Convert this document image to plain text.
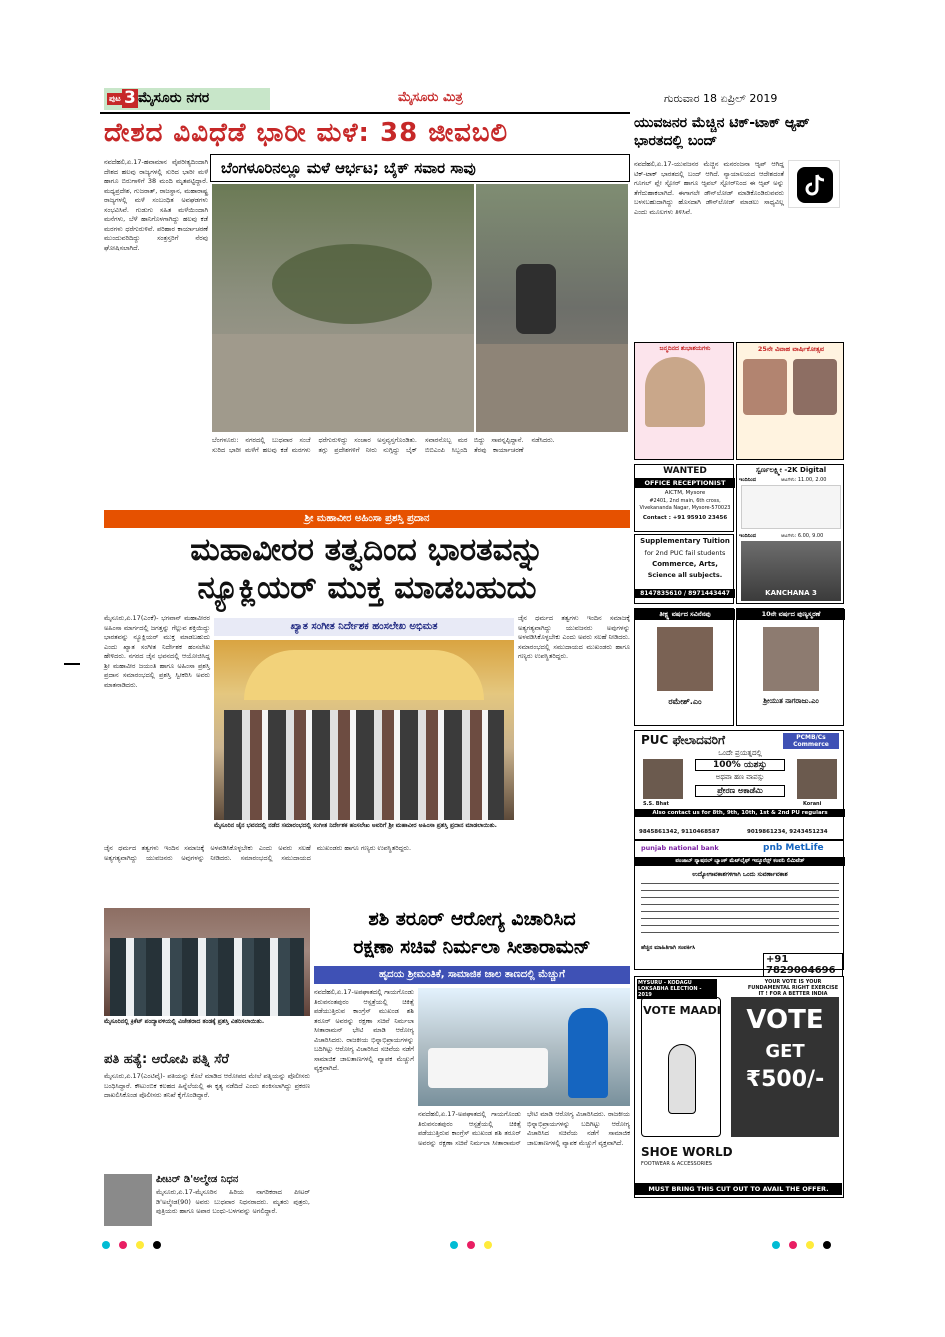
ಪುಟ 3 ಮೈಸೂರು ನಗರ	ಮೈಸೂರು ಮಿತ್ರ	ಗುರುವಾರ 18 ಏಪ್ರಿಲ್ 2019
ದೇಶದ ವಿವಿಧೆಡೆ ಭಾರೀ ಮಳೆ: 38 ಜೀವಬಲಿ
ನವದೆಹಲಿ,ಏ.17-ಹವಾಮಾನ ವೈಪರೀತ್ಯದಿಂದಾಗಿ ದೇಶದ ಹಲವು ರಾಜ್ಯಗಳಲ್ಲಿ ಸುರಿದ ಭಾರೀ ಮಳೆ ಹಾಗೂ ಬಿರುಗಾಳಿಗೆ 38 ಮಂದಿ ಮೃತಪಟ್ಟಿದ್ದಾರೆ. ಮಧ್ಯಪ್ರದೇಶ, ಗುಜರಾತ್, ರಾಜಸ್ಥಾನ, ಮಹಾರಾಷ್ಟ್ರ ರಾಜ್ಯಗಳಲ್ಲಿ ಮಳೆ ಸಂಬಂಧಿತ ಅವಘಡಗಳು ಸಂಭವಿಸಿವೆ. ಗುಡುಗು ಸಹಿತ ಮಳೆಯಿಂದಾಗಿ ಮನೆಗಳು, ಬೆಳೆ ಹಾನಿಗೊಳಗಾಗಿದ್ದು ಹಲವು ಕಡೆ ಮರಗಳು ಧರೆಗುರುಳಿವೆ. ಪರಿಹಾರ ಕಾರ್ಯಾಚರಣೆ ಮುಂದುವರಿದಿದ್ದು ಸಂತ್ರಸ್ತರಿಗೆ ನೆರವು ಘೋಷಿಸಲಾಗಿದೆ.
ಬೆಂಗಳೂರಿನಲ್ಲೂ ಮಳೆ ಆರ್ಭಟ; ಬೈಕ್ ಸವಾರ ಸಾವು
ಬೆಂಗಳೂರು: ನಗರದಲ್ಲಿ ಬುಧವಾರ ಸಂಜೆ ಸುರಿದ ಭಾರೀ ಮಳೆಗೆ ಹಲವು ಕಡೆ ಮರಗಳು ಧರೆಗುರುಳಿದ್ದು ಸಂಚಾರ ಅಸ್ತವ್ಯಸ್ತಗೊಂಡಿತು. ತಗ್ಗು ಪ್ರದೇಶಗಳಿಗೆ ನೀರು ನುಗ್ಗಿದ್ದು ಬೈಕ್ ಸವಾರನೊಬ್ಬ ಮರ ಬಿದ್ದು ಸಾವನ್ನಪ್ಪಿದ್ದಾನೆ. ಬಿಬಿಎಂಪಿ ಸಿಬ್ಬಂದಿ ತೆರವು ಕಾರ್ಯಾಚರಣೆ ನಡೆಸಿದರು.
ಯುವಜನರ ಮೆಚ್ಚಿನ ಟಿಕ್-ಟಾಕ್ ಆ್ಯಪ್ ಭಾರತದಲ್ಲಿ ಬಂದ್
ನವದೆಹಲಿ,ಏ.17-ಯುವಜನರ ಮೆಚ್ಚಿನ ಮನರಂಜನಾ ಆ್ಯಪ್ ಆಗಿದ್ದ ಟಿಕ್-ಟಾಕ್ ಭಾರತದಲ್ಲಿ ಬಂದ್ ಆಗಿದೆ. ನ್ಯಾಯಾಲಯದ ಆದೇಶದಂತೆ ಗೂಗಲ್ ಪ್ಲೇ ಸ್ಟೋರ್ ಹಾಗೂ ಆ್ಯಪಲ್ ಸ್ಟೋರ್‌ನಿಂದ ಈ ಆ್ಯಪ್ ಅನ್ನು ತೆಗೆದುಹಾಕಲಾಗಿದೆ. ಈಗಾಗಲೇ ಡೌನ್‌ಲೋಡ್ ಮಾಡಿಕೊಂಡಿರುವವರು ಬಳಸಬಹುದಾಗಿದ್ದು ಹೊಸದಾಗಿ ಡೌನ್‌ಲೋಡ್ ಮಾಡಲು ಸಾಧ್ಯವಿಲ್ಲ ಎಂದು ಮೂಲಗಳು ತಿಳಿಸಿವೆ.
ಜನ್ಮದಿನದ ಶುಭಾಶಯಗಳು	25ನೇ ವಿವಾಹ ವಾರ್ಷಿಕೋತ್ಸವ
WANTED
OFFICE RECEPTIONIST
AICTM, Mysore
#2401, 2nd main, 6th cross,
Vivekananda Nagar, Mysore-570023
Contact : +91 95910 23456
Supplementary Tuition
for 2nd PUC fail students
Commerce, Arts,
Science all subjects.
8147835610 / 8971443447
ಸ್ವರ್ಣಲಕ್ಷ್ಮೀ -2K Digital
ಇಂದಿನಿಂದ	ಆಟಗಳು: 11.00, 2.00
ಇಂದಿನಿಂದ	ಆಟಗಳು: 6.00, 9.00
KANCHANA 3
ಶ್ರೀ ಮಹಾವೀರ ಅಹಿಂಸಾ ಪ್ರಶಸ್ತಿ ಪ್ರದಾನ
ಮಹಾವೀರರ ತತ್ವದಿಂದ ಭಾರತವನ್ನು
ನ್ಯೂಕ್ಲಿಯರ್ ಮುಕ್ತ ಮಾಡಬಹುದು
ಮೈಸೂರು,ಏ.17(ಎಂಕೆ)- ಭಗವಾನ್ ಮಹಾವೀರರ ಅಹಿಂಸಾ ಮಾರ್ಗದಲ್ಲಿ ಜಗತ್ತನ್ನು ಗೆಲ್ಲುವ ಶಕ್ತಿಯಿದ್ದು ಭಾರತವನ್ನು ನ್ಯೂಕ್ಲಿಯರ್ ಮುಕ್ತ ಮಾಡಬಹುದು ಎಂದು ಖ್ಯಾತ ಸಂಗೀತ ನಿರ್ದೇಶಕ ಹಂಸಲೇಖ ಹೇಳಿದರು. ನಗರದ ಜೈನ ಭವನದಲ್ಲಿ ಆಯೋಜಿಸಿದ್ದ ಶ್ರೀ ಮಹಾವೀರ ಜಯಂತಿ ಹಾಗೂ ಅಹಿಂಸಾ ಪ್ರಶಸ್ತಿ ಪ್ರದಾನ ಸಮಾರಂಭದಲ್ಲಿ ಪ್ರಶಸ್ತಿ ಸ್ವೀಕರಿಸಿ ಅವರು ಮಾತನಾಡಿದರು.
ಖ್ಯಾತ ಸಂಗೀತ ನಿರ್ದೇಶಕ ಹಂಸಲೇಖ ಅಭಿಮತ
ಮೈಸೂರಿನ ಜೈನ ಭವನದಲ್ಲಿ ನಡೆದ ಸಮಾರಂಭದಲ್ಲಿ ಸಂಗೀತ ನಿರ್ದೇಶಕ ಹಂಸಲೇಖ ಅವರಿಗೆ ಶ್ರೀ ಮಹಾವೀರ ಅಹಿಂಸಾ ಪ್ರಶಸ್ತಿ ಪ್ರದಾನ ಮಾಡಲಾಯಿತು.
ಜೈನ ಧರ್ಮದ ತತ್ವಗಳು ಇಂದಿನ ಸಮಾಜಕ್ಕೆ ಅತ್ಯಗತ್ಯವಾಗಿದ್ದು ಯುವಜನರು ಅವುಗಳನ್ನು ಅಳವಡಿಸಿಕೊಳ್ಳಬೇಕು ಎಂದು ಅವರು ಸಲಹೆ ನೀಡಿದರು. ಸಮಾರಂಭದಲ್ಲಿ ಸಮುದಾಯದ ಮುಖಂಡರು ಹಾಗೂ ಗಣ್ಯರು ಉಪಸ್ಥಿತರಿದ್ದರು.
ಜೈನ ಧರ್ಮದ ತತ್ವಗಳು ಇಂದಿನ ಸಮಾಜಕ್ಕೆ ಅತ್ಯಗತ್ಯವಾಗಿದ್ದು ಯುವಜನರು ಅವುಗಳನ್ನು ಅಳವಡಿಸಿಕೊಳ್ಳಬೇಕು ಎಂದು ಅವರು ಸಲಹೆ ನೀಡಿದರು. ಸಮಾರಂಭದಲ್ಲಿ ಸಮುದಾಯದ ಮುಖಂಡರು ಹಾಗೂ ಗಣ್ಯರು ಉಪಸ್ಥಿತರಿದ್ದರು.
ತೀಕ್ಷ್ಣ ವರ್ಷದ ಸವಿನೆನಪು
ರಮೇಶ್.ಎಂ
10ನೇ ವರ್ಷದ ಪುಣ್ಯಸ್ಮರಣೆ
ಶ್ರೀಯುತ ನಾಗರಾಜು.ಎಂ
PUC ಫೇಲಾದವರಿಗೆ	PCMB/Cs Commerce
ಒಂದೇ ಪ್ರಯತ್ನದಲ್ಲಿ
100% ಯಶಸ್ಸು
ಅಥವಾ ಹಣ ವಾಪಸ್ಸು
ಪ್ರೇರಣ ಅಕಾಡೆಮಿ
S.S. Bhat	Korani
Also contact us for 8th, 9th, 10th, 1st & 2nd PU regulars
9845861342, 9110468587	9019861234, 9243451234
punjab national bank	pnb MetLife
ಪಂಜಾಬ್ ನ್ಯಾಷನಲ್ ಬ್ಯಾಂಕ್ ಮೆಟ್‌ಲೈಫ್ ಇನ್ಶೂರೆನ್ಸ್ ಕಂಪನಿ ಲಿಮಿಟೆಡ್
ಉದ್ಯೋಗಾವಕಾಶಗಳಿಗಾಗಿ ಒಂದು ಸುವರ್ಣಾವಕಾಶ
ಹೆಚ್ಚಿನ ಮಾಹಿತಿಗಾಗಿ ಸಂಪರ್ಕಿಸಿ
+91 7829004696
MYSURU - KODAGU LOKSABHA ELECTION - 2019
YOUR VOTE IS YOUR FUNDAMENTAL RIGHT EXERCISE IT ! FOR A BETTER INDIA
VOTE MAADI VOTE
GET
₹500/-
SHOE WORLD
FOOTWEAR & ACCESSORIES
MUST BRING THIS CUT OUT TO AVAIL THE OFFER.
ಮೈಸೂರಿನಲ್ಲಿ ಕ್ರಿಕೆಟ್ ಪಂದ್ಯಾವಳಿಯಲ್ಲಿ ವಿಜೇತರಾದ ತಂಡಕ್ಕೆ ಪ್ರಶಸ್ತಿ ವಿತರಿಸಲಾಯಿತು.
ಶಶಿ ತರೂರ್ ಆರೋಗ್ಯ ವಿಚಾರಿಸಿದ
ರಕ್ಷಣಾ ಸಚಿವೆ ನಿರ್ಮಲಾ ಸೀತಾರಾಮನ್
ಹೃದಯ ಶ್ರೀಮಂತಿಕೆ, ಸಾಮಾಜಿಕ ಜಾಲ ತಾಣದಲ್ಲಿ ಮೆಚ್ಚುಗೆ
ನವದೆಹಲಿ,ಏ.17-ಅಪಘಾತದಲ್ಲಿ ಗಾಯಗೊಂಡು ತಿರುವನಂತಪುರಂ ಆಸ್ಪತ್ರೆಯಲ್ಲಿ ಚಿಕಿತ್ಸೆ ಪಡೆಯುತ್ತಿರುವ ಕಾಂಗ್ರೆಸ್ ಮುಖಂಡ ಶಶಿ ತರೂರ್ ಅವರನ್ನು ರಕ್ಷಣಾ ಸಚಿವೆ ನಿರ್ಮಲಾ ಸೀತಾರಾಮನ್ ಭೇಟಿ ಮಾಡಿ ಆರೋಗ್ಯ ವಿಚಾರಿಸಿದರು. ರಾಜಕೀಯ ಭಿನ್ನಾಭಿಪ್ರಾಯಗಳನ್ನು ಬದಿಗಿಟ್ಟು ಆರೋಗ್ಯ ವಿಚಾರಿಸಿದ ಸಚಿವೆಯ ನಡೆಗೆ ಸಾಮಾಜಿಕ ಜಾಲತಾಣಗಳಲ್ಲಿ ವ್ಯಾಪಕ ಮೆಚ್ಚುಗೆ ವ್ಯಕ್ತವಾಗಿದೆ.
ನವದೆಹಲಿ,ಏ.17-ಅಪಘಾತದಲ್ಲಿ ಗಾಯಗೊಂಡು ತಿರುವನಂತಪುರಂ ಆಸ್ಪತ್ರೆಯಲ್ಲಿ ಚಿಕಿತ್ಸೆ ಪಡೆಯುತ್ತಿರುವ ಕಾಂಗ್ರೆಸ್ ಮುಖಂಡ ಶಶಿ ತರೂರ್ ಅವರನ್ನು ರಕ್ಷಣಾ ಸಚಿವೆ ನಿರ್ಮಲಾ ಸೀತಾರಾಮನ್ ಭೇಟಿ ಮಾಡಿ ಆರೋಗ್ಯ ವಿಚಾರಿಸಿದರು. ರಾಜಕೀಯ ಭಿನ್ನಾಭಿಪ್ರಾಯಗಳನ್ನು ಬದಿಗಿಟ್ಟು ಆರೋಗ್ಯ ವಿಚಾರಿಸಿದ ಸಚಿವೆಯ ನಡೆಗೆ ಸಾಮಾಜಿಕ ಜಾಲತಾಣಗಳಲ್ಲಿ ವ್ಯಾಪಕ ಮೆಚ್ಚುಗೆ ವ್ಯಕ್ತವಾಗಿದೆ.
ಪತಿ ಹತ್ಯೆ: ಆರೋಪಿ ಪತ್ನಿ ಸೆರೆ
ಮೈಸೂರು,ಏ.17(ಎಂಟಿವೈ)- ಪತಿಯನ್ನು ಕೊಲೆ ಮಾಡಿದ ಆರೋಪದ ಮೇಲೆ ಪತ್ನಿಯನ್ನು ಪೊಲೀಸರು ಬಂಧಿಸಿದ್ದಾರೆ. ಕೌಟುಂಬಿಕ ಕಲಹದ ಹಿನ್ನೆಲೆಯಲ್ಲಿ ಈ ಕೃತ್ಯ ನಡೆದಿದೆ ಎಂದು ಶಂಕಿಸಲಾಗಿದ್ದು ಪ್ರಕರಣ ದಾಖಲಿಸಿಕೊಂಡ ಪೊಲೀಸರು ತನಿಖೆ ಕೈಗೊಂಡಿದ್ದಾರೆ.
ಪೀಟರ್ ಡಿ'ಅಲ್ಮೇಡ ನಿಧನ
ಮೈಸೂರು,ಏ.17-ಮೈಸೂರಿನ ಹಿರಿಯ ನಾಗರಿಕರಾದ ಪೀಟರ್ ಡಿ'ಅಲ್ಮೇಡ(90) ಅವರು ಬುಧವಾರ ನಿಧನರಾದರು. ಮೃತರು ಪುತ್ರರು, ಪುತ್ರಿಯರು ಹಾಗೂ ಅಪಾರ ಬಂಧು-ಬಳಗವನ್ನು ಅಗಲಿದ್ದಾರೆ.
